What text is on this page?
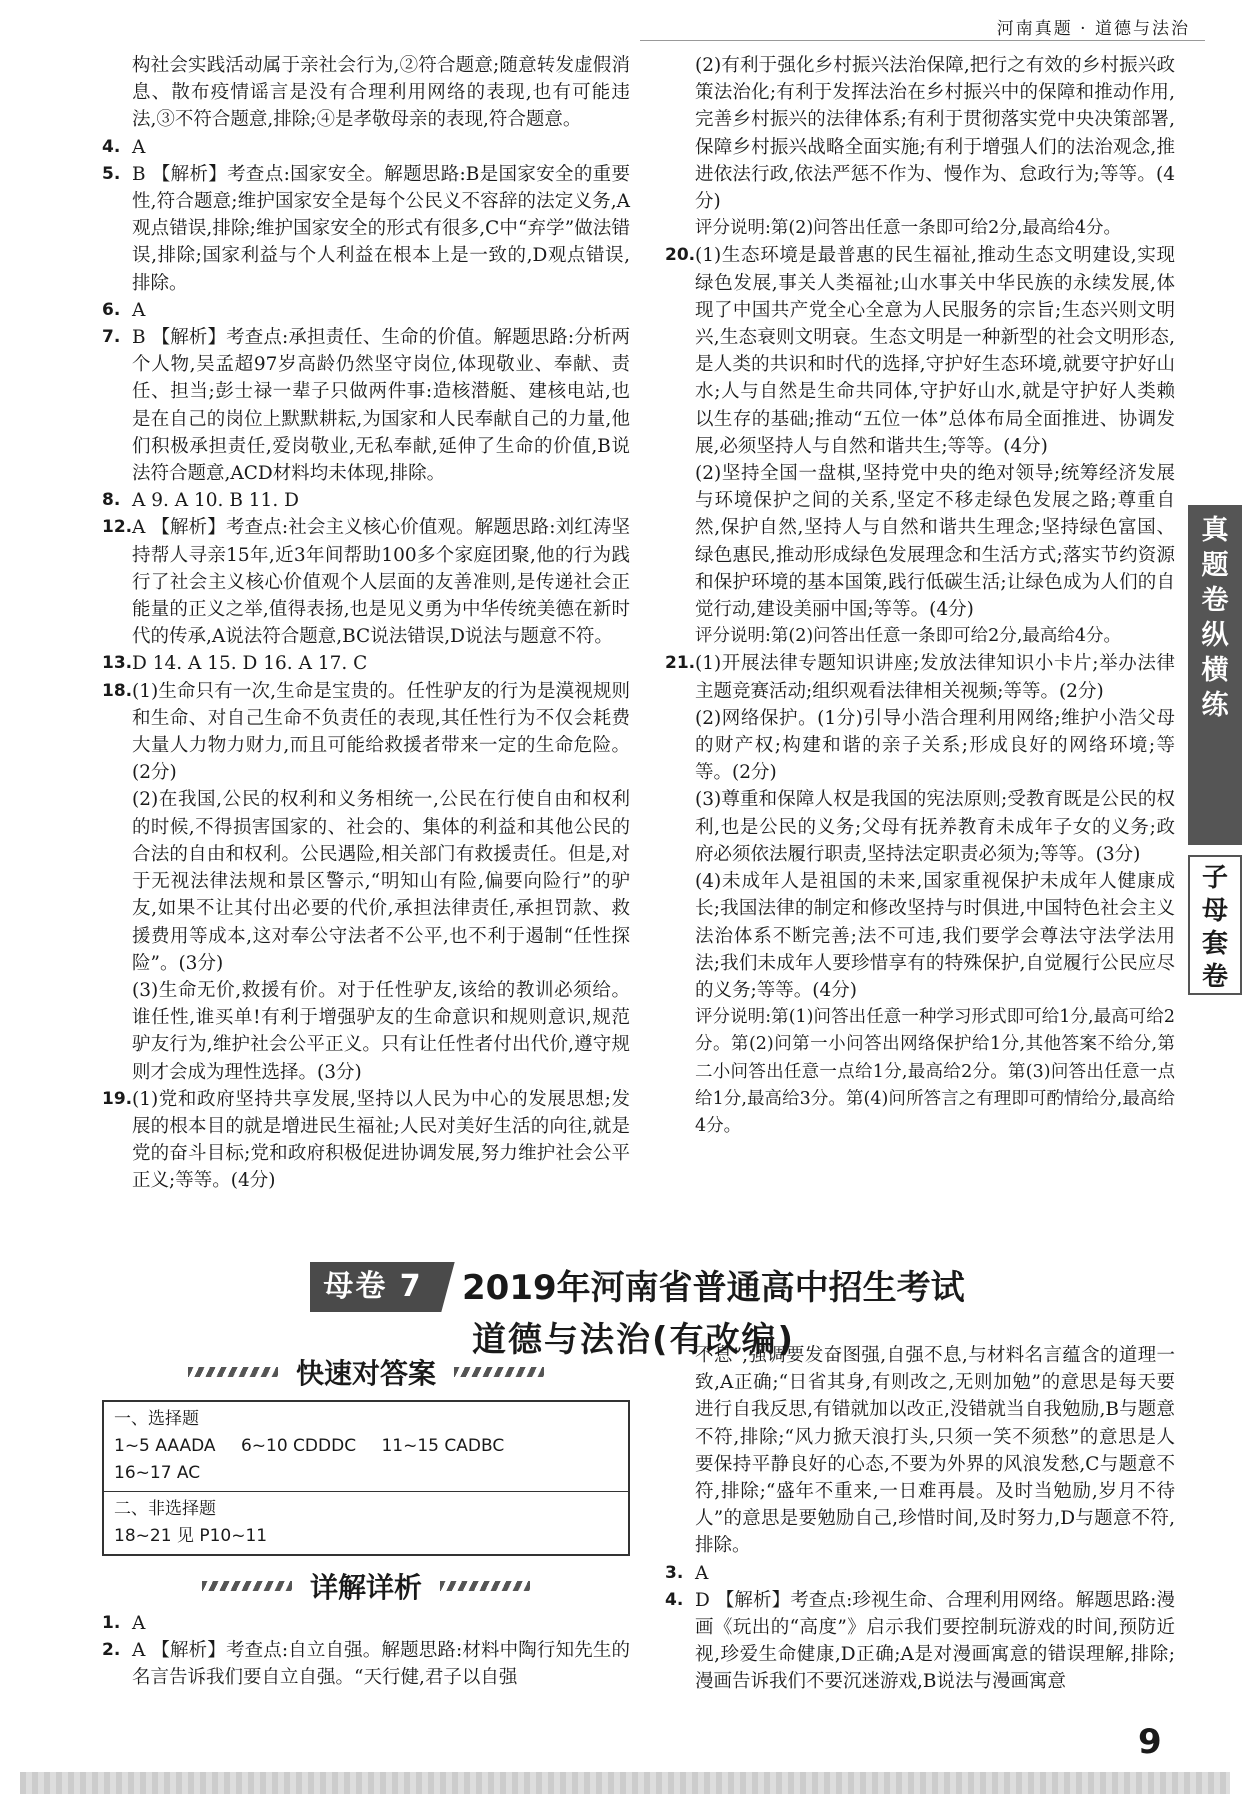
河南真题 · 道德与法治
构社会实践活动属于亲社会行为,②符合题意;随意转发虚假消息、散布疫情谣言是没有合理利用网络的表现,也有可能违法,③不符合题意,排除;④是孝敬母亲的表现,符合题意。
4. A
5. B 【解析】考查点:国家安全。解题思路:B是国家安全的重要性,符合题意;维护国家安全是每个公民义不容辞的法定义务,A观点错误,排除;维护国家安全的形式有很多,C中“弃学”做法错误,排除;国家利益与个人利益在根本上是一致的,D观点错误,排除。
6. A
7. B 【解析】考查点:承担责任、生命的价值。解题思路:分析两个人物,吴孟超97岁高龄仍然坚守岗位,体现敬业、奉献、责任、担当;彭士禄一辈子只做两件事:造核潜艇、建核电站,也是在自己的岗位上默默耕耘,为国家和人民奉献自己的力量,他们积极承担责任,爱岗敬业,无私奉献,延伸了生命的价值,B说法符合题意,ACD材料均未体现,排除。
8. A 9. A 10. B 11. D
12. A 【解析】考查点:社会主义核心价值观。解题思路:刘红涛坚持帮人寻亲15年,近3年间帮助100多个家庭团聚,他的行为践行了社会主义核心价值观个人层面的友善准则,是传递社会正能量的正义之举,值得表扬,也是见义勇为中华传统美德在新时代的传承,A说法符合题意,BC说法错误,D说法与题意不符。
13. D 14. A 15. D 16. A 17. C
18. (1)生命只有一次,生命是宝贵的。任性驴友的行为是漠视规则和生命、对自己生命不负责任的表现,其任性行为不仅会耗费大量人力物力财力,而且可能给救援者带来一定的生命危险。(2分)
(2)在我国,公民的权利和义务相统一,公民在行使自由和权利的时候,不得损害国家的、社会的、集体的利益和其他公民的合法的自由和权利。公民遇险,相关部门有救援责任。但是,对于无视法律法规和景区警示,“明知山有险,偏要向险行”的驴友,如果不让其付出必要的代价,承担法律责任,承担罚款、救援费用等成本,这对奉公守法者不公平,也不利于遏制“任性探险”。(3分)
(3)生命无价,救援有价。对于任性驴友,该给的教训必须给。谁任性,谁买单!有利于增强驴友的生命意识和规则意识,规范驴友行为,维护社会公平正义。只有让任性者付出代价,遵守规则才会成为理性选择。(3分)
19. (1)党和政府坚持共享发展,坚持以人民为中心的发展思想;发展的根本目的就是增进民生福祉;人民对美好生活的向往,就是党的奋斗目标;党和政府积极促进协调发展,努力维护社会公平正义;等等。(4分)
(2)有利于强化乡村振兴法治保障,把行之有效的乡村振兴政策法治化;有利于发挥法治在乡村振兴中的保障和推动作用,完善乡村振兴的法律体系;有利于贯彻落实党中央决策部署,保障乡村振兴战略全面实施;有利于增强人们的法治观念,推进依法行政,依法严惩不作为、慢作为、怠政行为;等等。(4分)
评分说明:第(2)问答出任意一条即可给2分,最高给4分。
20. (1)生态环境是最普惠的民生福祉,推动生态文明建设,实现绿色发展,事关人类福祉;山水事关中华民族的永续发展,体现了中国共产党全心全意为人民服务的宗旨;生态兴则文明兴,生态衰则文明衰。生态文明是一种新型的社会文明形态,是人类的共识和时代的选择,守护好生态环境,就要守护好山水;人与自然是生命共同体,守护好山水,就是守护好人类赖以生存的基础;推动“五位一体”总体布局全面推进、协调发展,必须坚持人与自然和谐共生;等等。(4分)
(2)坚持全国一盘棋,坚持党中央的绝对领导;统筹经济发展与环境保护之间的关系,坚定不移走绿色发展之路;尊重自然,保护自然,坚持人与自然和谐共生理念;坚持绿色富国、绿色惠民,推动形成绿色发展理念和生活方式;落实节约资源和保护环境的基本国策,践行低碳生活;让绿色成为人们的自觉行动,建设美丽中国;等等。(4分)
评分说明:第(2)问答出任意一条即可给2分,最高给4分。
21. (1)开展法律专题知识讲座;发放法律知识小卡片;举办法律主题竞赛活动;组织观看法律相关视频;等等。(2分)
(2)网络保护。(1分)引导小浩合理利用网络;维护小浩父母的财产权;构建和谐的亲子关系;形成良好的网络环境;等等。(2分)
(3)尊重和保障人权是我国的宪法原则;受教育既是公民的权利,也是公民的义务;父母有抚养教育未成年子女的义务;政府必须依法履行职责,坚持法定职责必须为;等等。(3分)
(4)未成年人是祖国的未来,国家重视保护未成年人健康成长;我国法律的制定和修改坚持与时俱进,中国特色社会主义法治体系不断完善;法不可违,我们要学会尊法守法学法用法;我们未成年人要珍惜享有的特殊保护,自觉履行公民应尽的义务;等等。(4分)
评分说明:第(1)问答出任意一种学习形式即可给1分,最高可给2分。第(2)问第一小问答出网络保护给1分,其他答案不给分,第二小问答出任意一点给1分,最高给2分。第(3)问答出任意一点给1分,最高给3分。第(4)问所答言之有理即可酌情给分,最高给4分。
真
题
卷
纵
横
练
子
母
套
卷
母卷 7	2019年河南省普通高中招生考试
道德与法治(有改编)
快速对答案
一、选择题
1~5 AAADA 6~10 CDDDC 11~15 CADBC
16~17 AC
二、非选择题
18~21 见 P10~11
详解详析
1. A
2. A 【解析】考查点:自立自强。解题思路:材料中陶行知先生的名言告诉我们要自立自强。“天行健,君子以自强
不息”,强调要发奋图强,自强不息,与材料名言蕴含的道理一致,A正确;“日省其身,有则改之,无则加勉”的意思是每天要进行自我反思,有错就加以改正,没错就当自我勉励,B与题意不符,排除;“风力掀天浪打头,只须一笑不须愁”的意思是人要保持平静良好的心态,不要为外界的风浪发愁,C与题意不符,排除;“盛年不重来,一日难再晨。及时当勉励,岁月不待人”的意思是要勉励自己,珍惜时间,及时努力,D与题意不符,排除。
3. A
4. D 【解析】考查点:珍视生命、合理利用网络。解题思路:漫画《玩出的“高度”》启示我们要控制玩游戏的时间,预防近视,珍爱生命健康,D正确;A是对漫画寓意的错误理解,排除;漫画告诉我们不要沉迷游戏,B说法与漫画寓意
9
